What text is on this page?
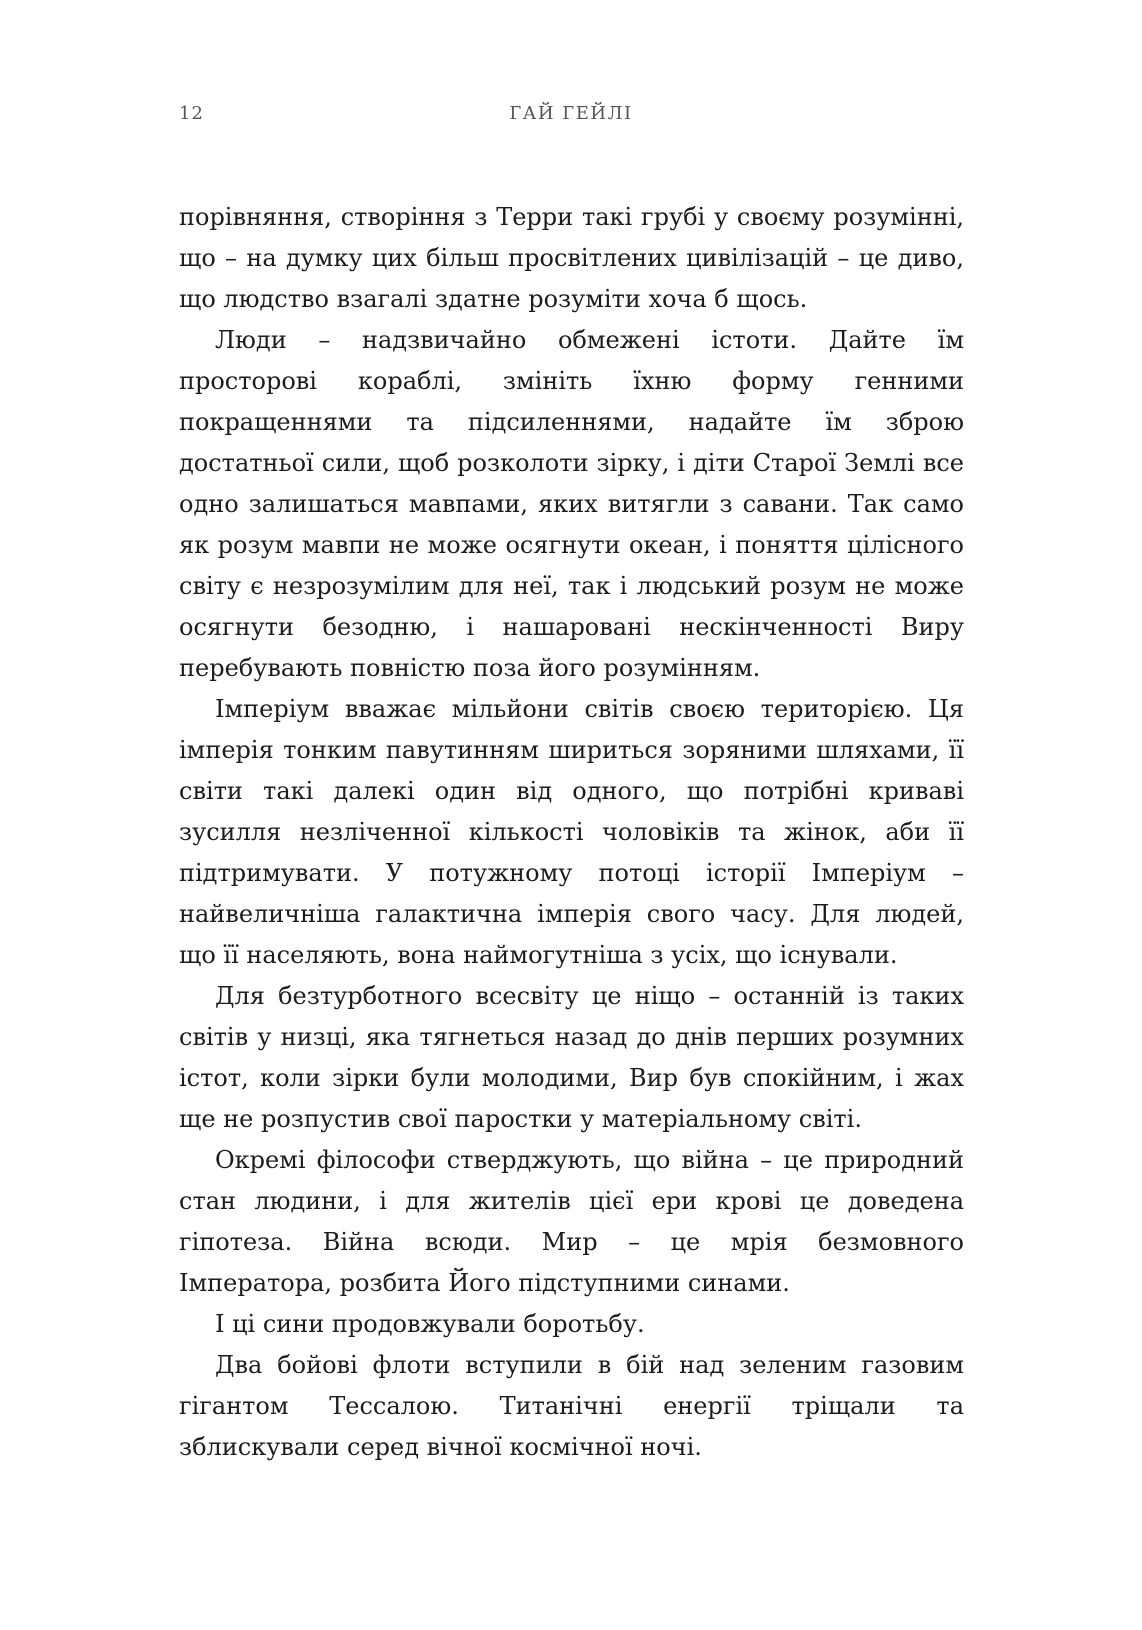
12	ГАЙ ГЕЙЛІ

порівняння, створіння з Терри такі грубі у своєму розумінні, що – на думку цих більш просвітлених цивілізацій – це диво, що людство взагалі здатне розуміти хоча б щось.

Люди – надзвичайно обмежені істоти. Дайте їм просторові кораблі, змініть їхню форму генними покращеннями та підсиленнями, надайте їм зброю достатньої сили, щоб розколоти зірку, і діти Старої Землі все одно залишаться мавпами, яких витягли з савани. Так само як розум мавпи не може осягнути океан, і поняття цілісного світу є незрозумілим для неї, так і людський розум не може осягнути безодню, і нашаровані нескінченності Виру перебувають повністю поза його розумінням.

Імперіум вважає мільйони світів своєю територією. Ця імперія тонким павутинням шириться зоряними шляхами, її світи такі далекі один від одного, що потрібні криваві зусилля незліченної кількості чоловіків та жінок, аби її підтримувати. У потужному потоці історії Імперіум – найвеличніша галактична імперія свого часу. Для людей, що її населяють, вона наймогутніша з усіх, що існували.

Для безтурботного всесвіту це ніщо – останній із таких світів у низці, яка тягнеться назад до днів перших розумних істот, коли зірки були молодими, Вир був спокійним, і жах ще не розпустив свої паростки у матеріальному світі.

Окремі філософи стверджують, що війна – це природний стан людини, і для жителів цієї ери крові це доведена гіпотеза. Війна всюди. Мир – це мрія безмовного Імператора, розбита Його підступними синами.

І ці сини продовжували боротьбу.

Два бойові флоти вступили в бій над зеленим газовим гігантом Тессалою. Титанічні енергії тріщали та зблискували серед вічної космічної ночі.
